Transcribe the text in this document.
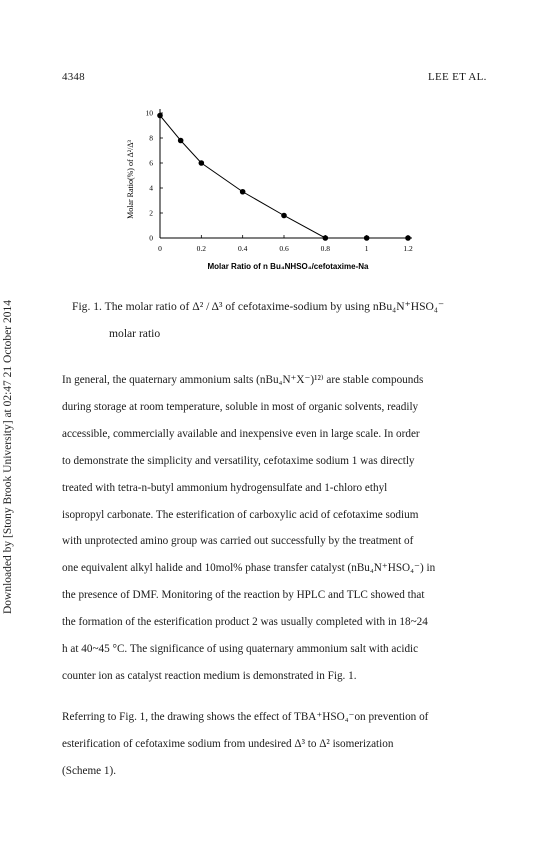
4348	LEE ET AL.
Downloaded by [Stony Brook University] at 02:47 21 October 2014
0
2
4
6
8
10
0	0.2	0.4	0.6	0.8	1	1.2
Molar Ratio of n Bu₄NHSO₄/cefotaxime-Na
Molar Ratio(%) of Δ²/Δ³
Fig. 1. The molar ratio of Δ² / Δ³ of cefotaxime-sodium by using nBu₄N⁺HSO₄⁻
molar ratio

In general, the quaternary ammonium salts (nBu₄N⁺X⁻)¹²⁾ are stable compounds

during storage at room temperature, soluble in most of organic solvents, readily

accessible, commercially available and inexpensive even in large scale. In order

to demonstrate the simplicity and versatility, cefotaxime sodium 1 was directly

treated with tetra-n-butyl ammonium hydrogensulfate and 1-chloro ethyl

isopropyl carbonate. The esterification of carboxylic acid of cefotaxime sodium

with unprotected amino group was carried out successfully by the treatment of

one equivalent alkyl halide and 10mol% phase transfer catalyst (nBu₄N⁺HSO₄⁻) in

the presence of DMF. Monitoring of the reaction by HPLC and TLC showed that

the formation of the esterification product 2 was usually completed with in 18~24

h at 40~45 °C. The significance of using quaternary ammonium salt with acidic

counter ion as catalyst reaction medium is demonstrated in Fig. 1.

Referring to Fig. 1, the drawing shows the effect of TBA⁺HSO₄⁻on prevention of

esterification of cefotaxime sodium from undesired Δ³ to Δ² isomerization

(Scheme 1).
